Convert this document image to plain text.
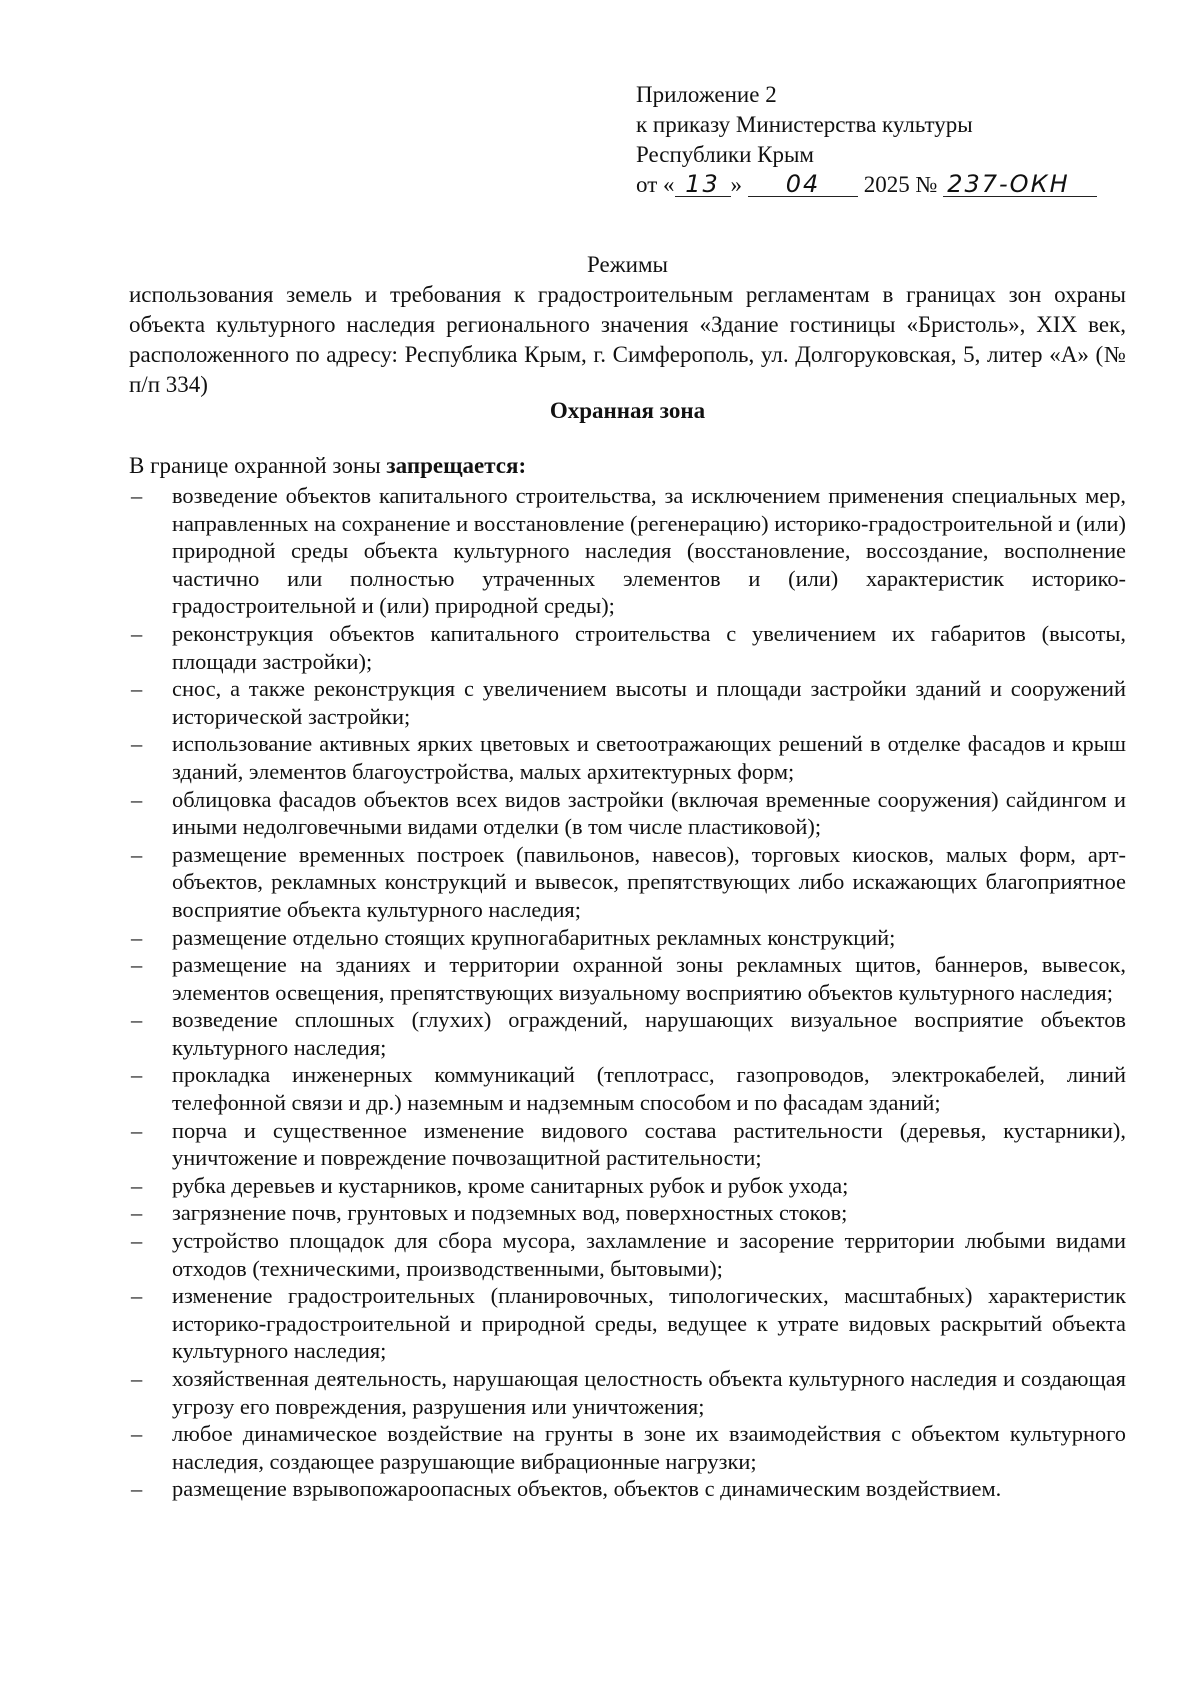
Приложение 2
к приказу Министерства культуры
Республики Крым
от « 13 » 04 2025 № 237-ОКН
Режимы
использования земель и требования к градостроительным регламентам в границах зон охраны объекта культурного наследия регионального значения «Здание гостиницы «Бристоль», XIX век, расположенного по адресу: Республика Крым, г. Симферополь, ул. Долгоруковская, 5, литер «А» (№ п/п 334)
Охранная зона
В границе охранной зоны запрещается:
– возведение объектов капитального строительства, за исключением применения специальных мер, направленных на сохранение и восстановление (регенерацию) историко-градостроительной и (или) природной среды объекта культурного наследия (восстановление, воссоздание, восполнение частично или полностью утраченных элементов и (или) характеристик историко-градостроительной и (или) природной среды);
– реконструкция объектов капитального строительства с увеличением их габаритов (высоты, площади застройки);
– снос, а также реконструкция с увеличением высоты и площади застройки зданий и сооружений исторической застройки;
– использование активных ярких цветовых и светоотражающих решений в отделке фасадов и крыш зданий, элементов благоустройства, малых архитектурных форм;
– облицовка фасадов объектов всех видов застройки (включая временные сооружения) сайдингом и иными недолговечными видами отделки (в том числе пластиковой);
– размещение временных построек (павильонов, навесов), торговых киосков, малых форм, арт-объектов, рекламных конструкций и вывесок, препятствующих либо искажающих благоприятное восприятие объекта культурного наследия;
– размещение отдельно стоящих крупногабаритных рекламных конструкций;
– размещение на зданиях и территории охранной зоны рекламных щитов, баннеров, вывесок, элементов освещения, препятствующих визуальному восприятию объектов культурного наследия;
– возведение сплошных (глухих) ограждений, нарушающих визуальное восприятие объектов культурного наследия;
– прокладка инженерных коммуникаций (теплотрасс, газопроводов, электрокабелей, линий телефонной связи и др.) наземным и надземным способом и по фасадам зданий;
– порча и существенное изменение видового состава растительности (деревья, кустарники), уничтожение и повреждение почвозащитной растительности;
– рубка деревьев и кустарников, кроме санитарных рубок и рубок ухода;
– загрязнение почв, грунтовых и подземных вод, поверхностных стоков;
– устройство площадок для сбора мусора, захламление и засорение территории любыми видами отходов (техническими, производственными, бытовыми);
– изменение градостроительных (планировочных, типологических, масштабных) характеристик историко-градостроительной и природной среды, ведущее к утрате видовых раскрытий объекта культурного наследия;
– хозяйственная деятельность, нарушающая целостность объекта культурного наследия и создающая угрозу его повреждения, разрушения или уничтожения;
– любое динамическое воздействие на грунты в зоне их взаимодействия с объектом культурного наследия, создающее разрушающие вибрационные нагрузки;
– размещение взрывопожароопасных объектов, объектов с динамическим воздействием.
